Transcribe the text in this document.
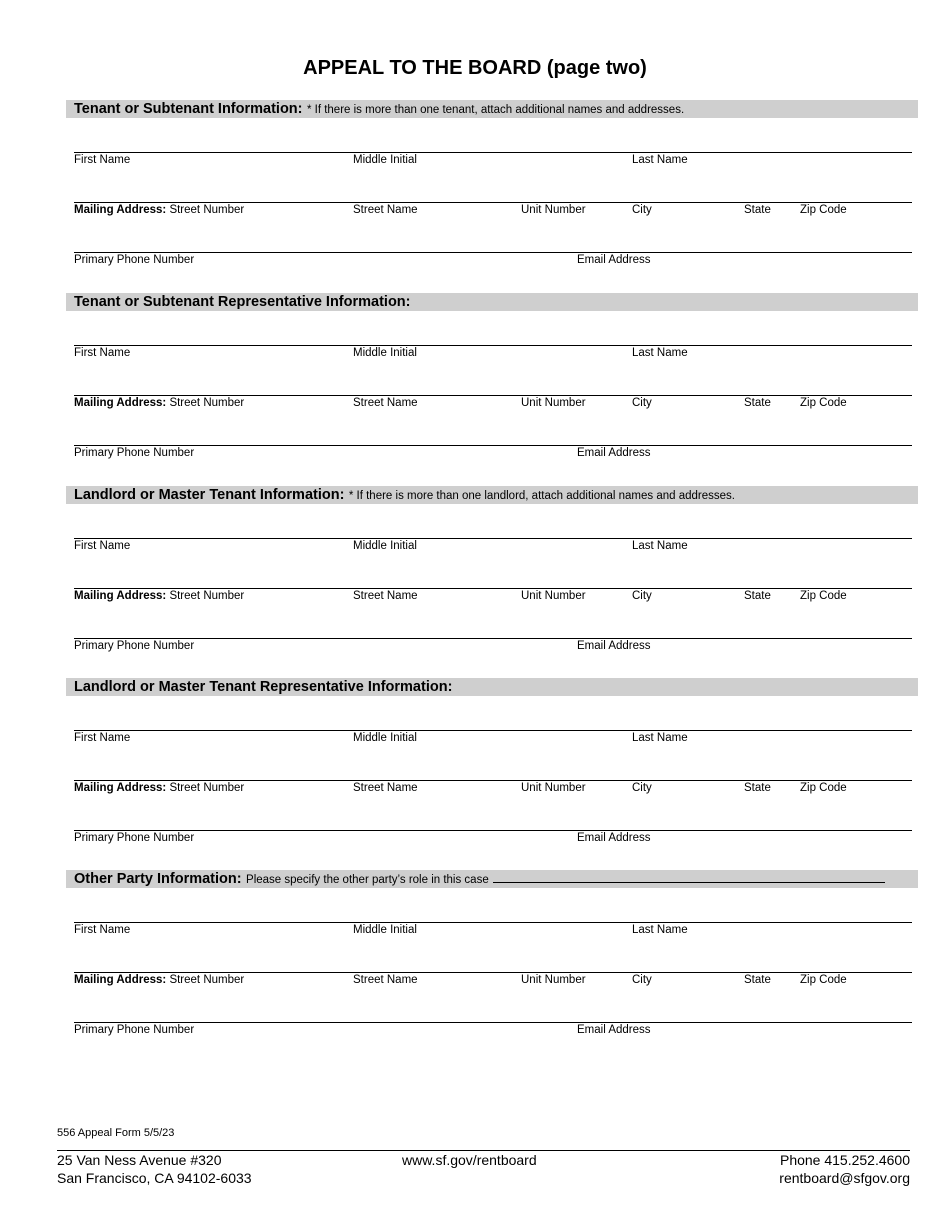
APPEAL TO THE BOARD (page two)
Tenant or Subtenant Information: * If there is more than one tenant, attach additional names and addresses.
First Name	Middle Initial	Last Name
Mailing Address: Street Number	Street Name	Unit Number	City	State	Zip Code
Primary Phone Number	Email Address
Tenant or Subtenant Representative Information:
First Name	Middle Initial	Last Name
Mailing Address: Street Number	Street Name	Unit Number	City	State	Zip Code
Primary Phone Number	Email Address
Landlord or Master Tenant Information: * If there is more than one landlord, attach additional names and addresses.
First Name	Middle Initial	Last Name
Mailing Address: Street Number	Street Name	Unit Number	City	State	Zip Code
Primary Phone Number	Email Address
Landlord or Master Tenant Representative Information:
First Name	Middle Initial	Last Name
Mailing Address: Street Number	Street Name	Unit Number	City	State	Zip Code
Primary Phone Number	Email Address
Other Party Information: Please specify the other party’s role in this case
First Name	Middle Initial	Last Name
Mailing Address: Street Number	Street Name	Unit Number	City	State	Zip Code
Primary Phone Number	Email Address
556 Appeal Form 5/5/23
25 Van Ness Avenue #320
San Francisco, CA 94102-6033
www.sf.gov/rentboard	Phone 415.252.4600
rentboard@sfgov.org
